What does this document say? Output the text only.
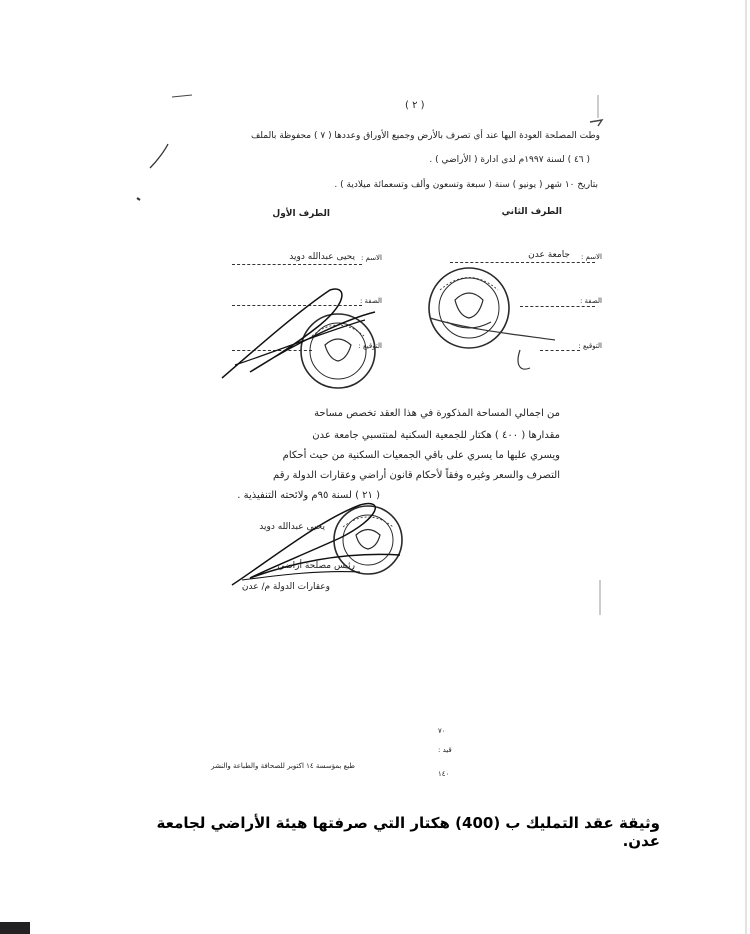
( ٢ )
وطت المصلحة العودة اليها عند أي تصرف بالأرض وجميع الأوراق وعددها ( ٧ ) محفوظة بالملف
( ٤٦ ) لسنة ١٩٩٧م لدى ادارة ( الأراضي ) .
بتاريخ ١٠ شهر ( يونيو ) سنة ( سبعة وتسعون وألف وتسعمائة ميلادية ) .
الطرف الثاني
الطرف الأول
الاسم :
جامعة عدن
الصفة :
التوقيع :
الاسم :
يحيى عبدالله دويد
الصفة :
التوقيع :
من اجمالي المساحة المذكورة في هذا العقد تخصص مساحة
مقدارها ( ٤٠٠ ) هكتار للجمعية السكنية لمنتسبي جامعة عدن
ويسري عليها ما يسري على باقي الجمعيات السكنية من حيث أحكام
التصرف والسعر وغيره وفقاً لأحكام قانون أراضي وعقارات الدولة رقم
( ٢١ ) لسنة ٩٥م ولائحته التنفيذية .
يحيى عبدالله دويد
رئيس مصلحة أراضي
وعقارات الدولة م/ عدن
٧٠
قيد :
١٤٠
طبع بمؤسسة ١٤ اكتوبر للصحافة والطباعة والنشر
وثيقة عقد التمليك ب (400) هكتار التي صرفتها هيئة الأراضي لجامعة عدن.
